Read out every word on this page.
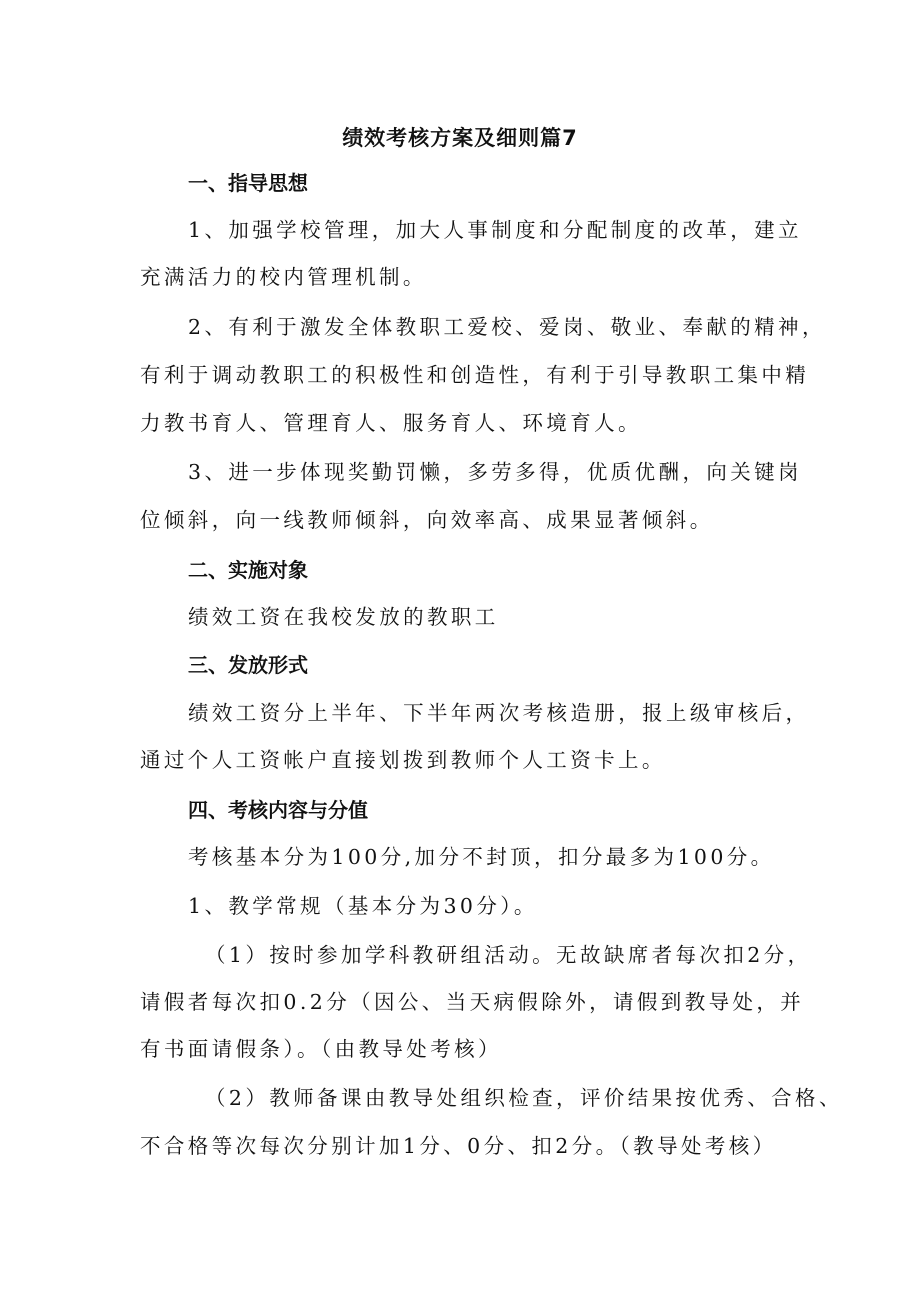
绩效考核方案及细则篇7
一、指导思想
1、加强学校管理，加大人事制度和分配制度的改革，建立
充满活力的校内管理机制。
2、有利于激发全体教职工爱校、爱岗、敬业、奉献的精神，
有利于调动教职工的积极性和创造性，有利于引导教职工集中精
力教书育人、管理育人、服务育人、环境育人。
3、进一步体现奖勤罚懒，多劳多得，优质优酬，向关键岗
位倾斜，向一线教师倾斜，向效率高、成果显著倾斜。
二、实施对象
绩效工资在我校发放的教职工
三、发放形式
绩效工资分上半年、下半年两次考核造册，报上级审核后，
通过个人工资帐户直接划拨到教师个人工资卡上。
四、考核内容与分值
考核基本分为100分,加分不封顶，扣分最多为100分。
1、教学常规（基本分为30分）。
（1）按时参加学科教研组活动。无故缺席者每次扣2分，
请假者每次扣0.2分（因公、当天病假除外，请假到教导处，并
有书面请假条）。（由教导处考核）
（2）教师备课由教导处组织检查，评价结果按优秀、合格、
不合格等次每次分别计加1分、0分、扣2分。（教导处考核）
